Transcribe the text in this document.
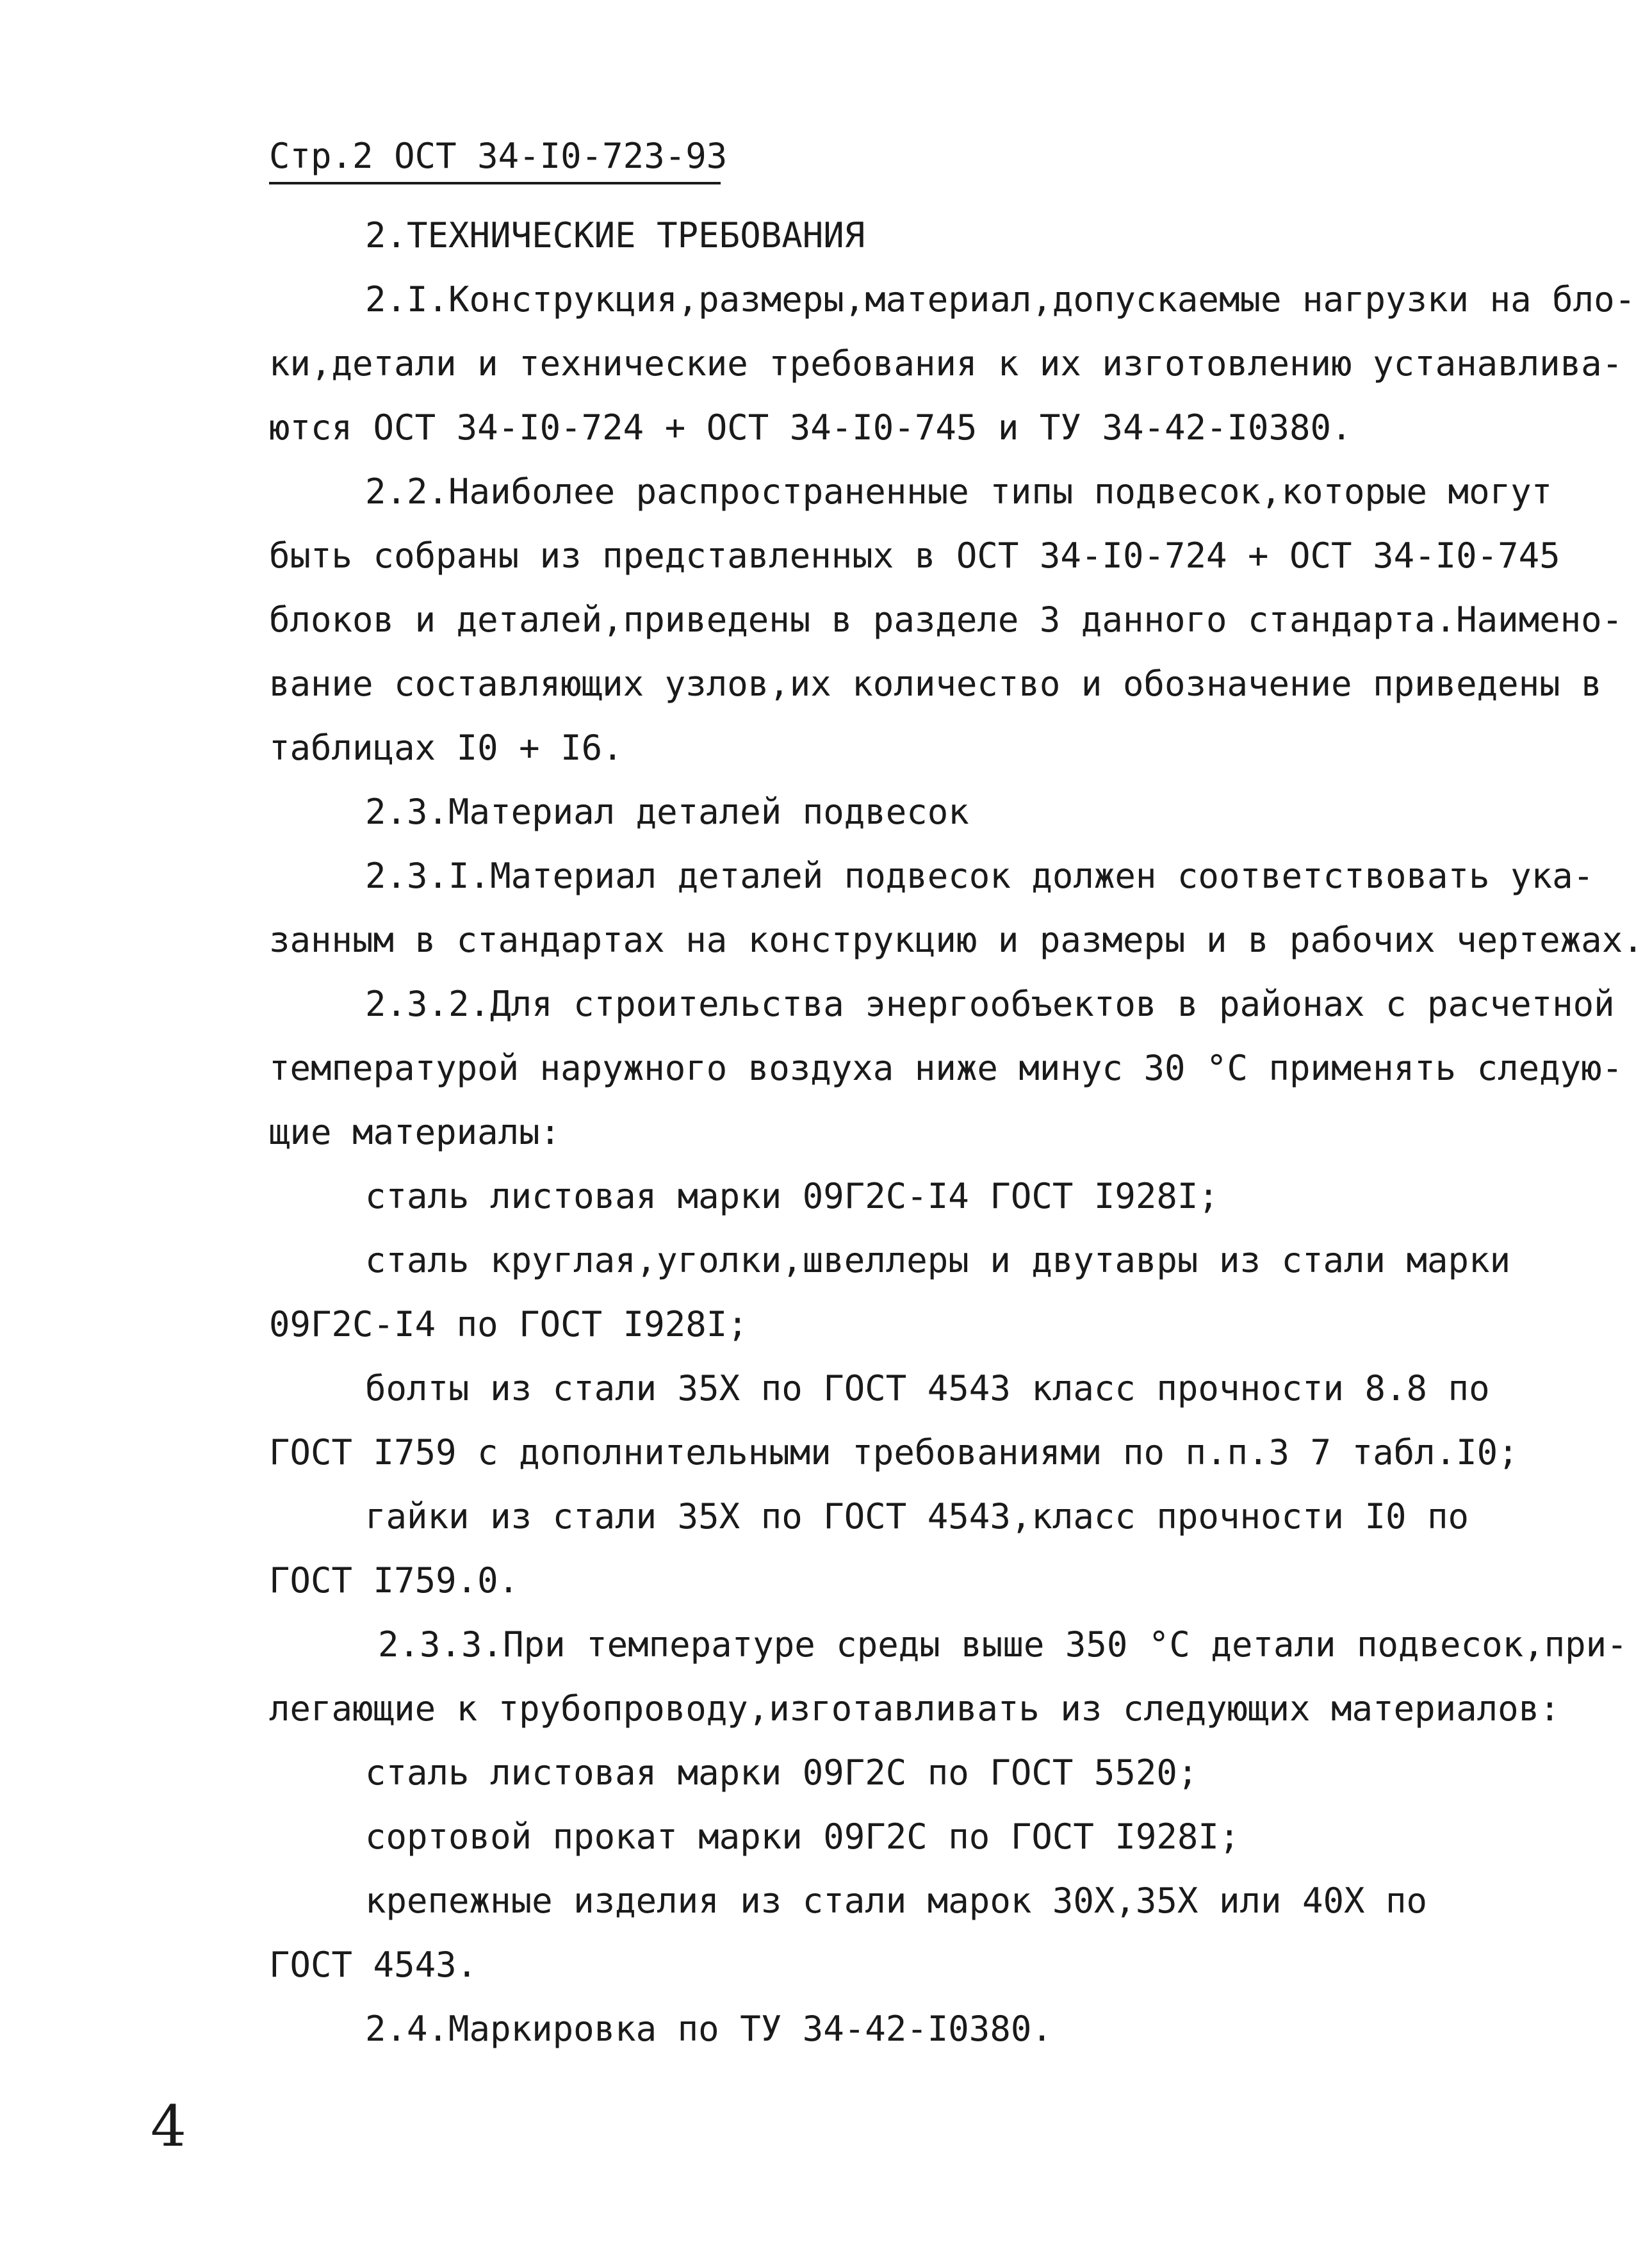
Стр.2 ОСТ 34-I0-723-93
2.ТЕХНИЧЕСКИЕ ТРЕБОВАНИЯ
2.I.Конструкция,размеры,материал,допускаемые нагрузки на бло-
ки,детали и технические требования к их изготовлению устанавлива-
ются ОСТ 34-I0-724 + ОСТ 34-I0-745 и ТУ 34-42-I0380.
2.2.Наиболее распространенные типы подвесок,которые могут
быть собраны из представленных в ОСТ 34-I0-724 + ОСТ 34-I0-745
блоков и деталей,приведены в разделе 3 данного стандарта.Наимено-
вание составляющих узлов,их количество и обозначение приведены в
таблицах I0 + I6.
2.3.Материал деталей подвесок
2.3.I.Материал деталей подвесок должен соответствовать ука-
занным в стандартах на конструкцию и размеры и в рабочих чертежах.
2.3.2.Для строительства энергообъектов в районах с расчетной
температурой наружного воздуха ниже минус 30 °С применять следую-
щие материалы:
сталь листовая марки 09Г2С-I4 ГОСТ I928I;
сталь круглая,уголки,швеллеры и двутавры из стали марки
09Г2С-I4 по ГОСТ I928I;
болты из стали 35Х по ГОСТ 4543 класс прочности 8.8 по
ГОСТ I759 с дополнительными требованиями по п.п.3 7 табл.I0;
гайки из стали 35Х по ГОСТ 4543,класс прочности I0 по
ГОСТ I759.0.
2.3.3.При температуре среды выше 350 °С детали подвесок,при-
легающие к трубопроводу,изготавливать из следующих материалов:
сталь листовая марки 09Г2С по ГОСТ 5520;
сортовой прокат марки 09Г2С по ГОСТ I928I;
крепежные изделия из стали марок 30Х,35Х или 40Х по
ГОСТ 4543.
2.4.Маркировка по ТУ 34-42-I0380.
4
